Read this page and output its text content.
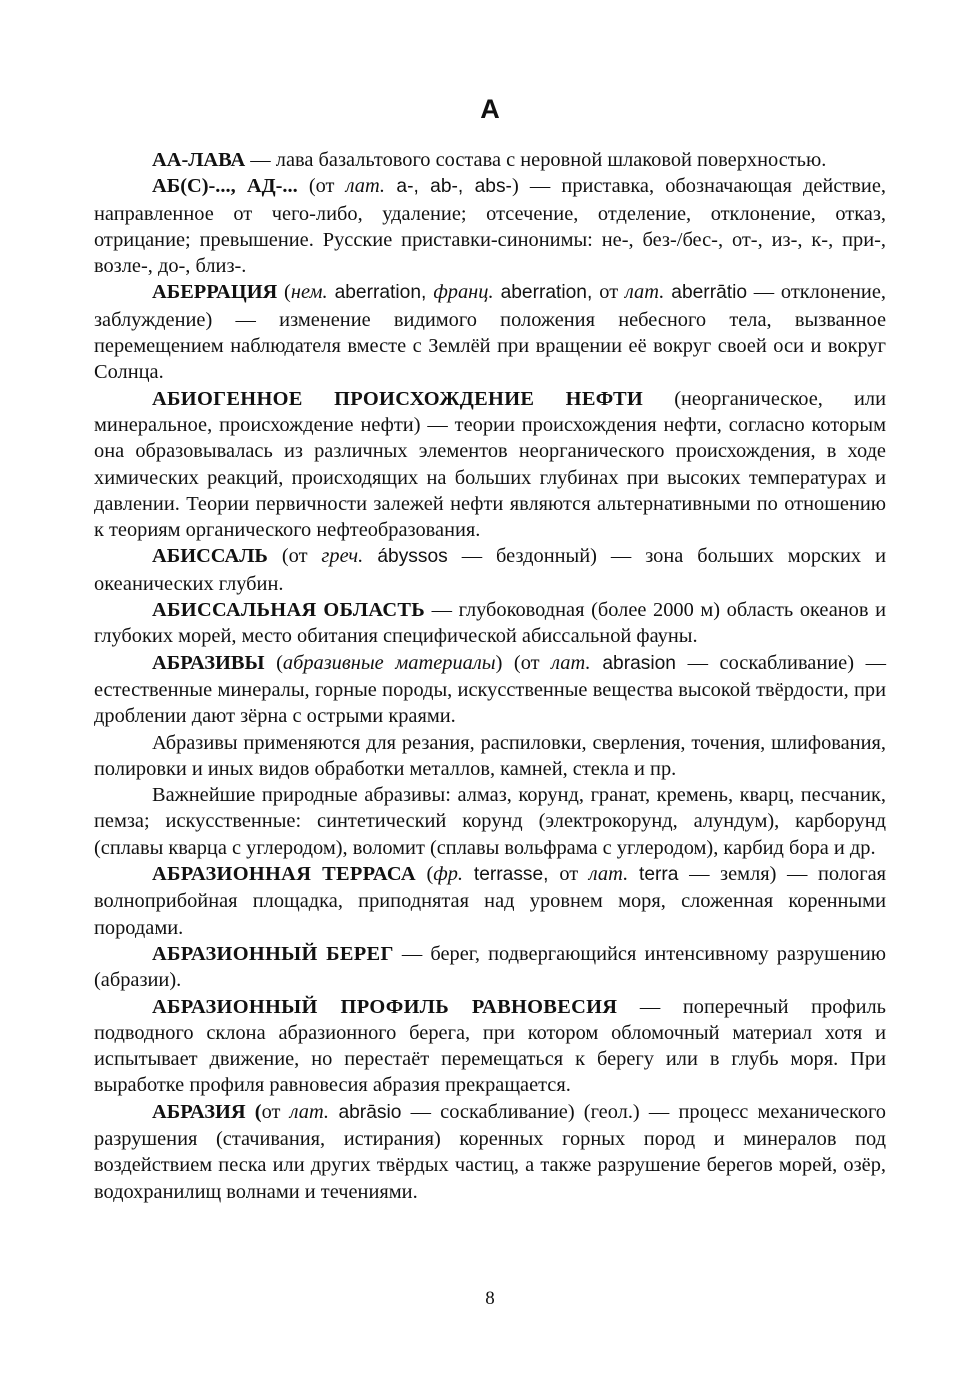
А

АА-ЛАВА — лава базальтового состава с неровной шлаковой поверхностью.

АБ(С)-..., АД-... (от лат. a-, ab-, abs-) — приставка, обозначающая действие, направленное от чего-либо, удаление; отсечение, отделение, отклонение, отказ, отрицание; превышение. Русские приставки-синонимы: не-, без-/бес-, от-, из-, к-, при-, возле-, до-, близ-.

АБЕРРАЦИЯ (нем. aberration, франц. aberration, от лат. aberrātio — отклонение, заблуждение) — изменение видимого положения небесного тела, вызванное перемещением наблюдателя вместе с Землёй при вращении её вокруг своей оси и вокруг Солнца.

АБИОГЕННОЕ ПРОИСХОЖДЕНИЕ НЕФТИ (неорганическое, или минеральное, происхождение нефти) — теории происхождения нефти, согласно которым она образовывалась из различных элементов неорганического происхождения, в ходе химических реакций, происходящих на больших глубинах при высоких температурах и давлении. Теории первичности залежей нефти являются альтернативными по отношению к теориям органического нефтеобразования.

АБИССАЛЬ (от греч. ábyssos — бездонный) — зона больших морских и океанических глубин.

АБИССАЛЬНАЯ ОБЛАСТЬ — глубоководная (более 2000 м) область океанов и глубоких морей, место обитания специфической абиссальной фауны.

АБРАЗИВЫ (абразивные материалы) (от лат. abrasion — соскабливание) — естественные минералы, горные породы, искусственные вещества высокой твёрдости, при дроблении дают зёрна с острыми краями.

Абразивы применяются для резания, распиловки, сверления, точения, шлифования, полировки и иных видов обработки металлов, камней, стекла и пр.

Важнейшие природные абразивы: алмаз, корунд, гранат, кремень, кварц, песчаник, пемза; искусственные: синтетический корунд (электрокорунд, алундум), карборунд (сплавы кварца с углеродом), воломит (сплавы вольфрама с углеродом), карбид бора и др.

АБРАЗИОННАЯ ТЕРРАСА (фр. terrasse, от лат. terra — земля) — пологая волноприбойная площадка, приподнятая над уровнем моря, сложенная коренными породами.

АБРАЗИОННЫЙ БЕРЕГ — берег, подвергающийся интенсивному разрушению (абразии).

АБРАЗИОННЫЙ ПРОФИЛЬ РАВНОВЕСИЯ — поперечный профиль подводного склона абразионного берега, при котором обломочный материал хотя и испытывает движение, но перестаёт перемещаться к берегу или в глубь моря. При выработке профиля равновесия абразия прекращается.

АБРАЗИЯ (от лат. abrāsio — соскабливание) (геол.) — процесс механического разрушения (стачивания, истирания) коренных горных пород и минералов под воздействием песка или других твёрдых частиц, а также разрушение берегов морей, озёр, водохранилищ волнами и течениями.

8
